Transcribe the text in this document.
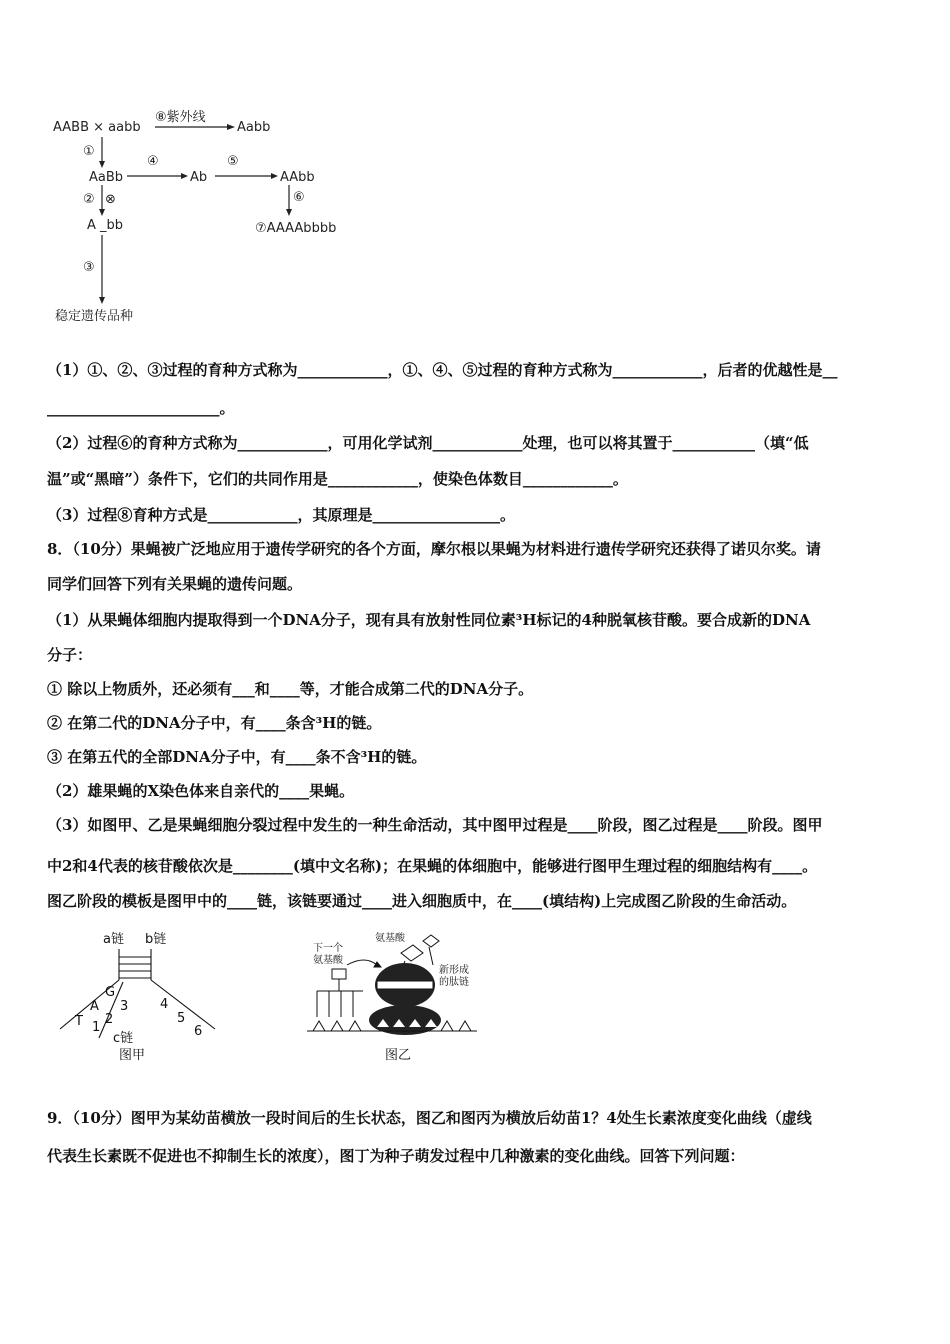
AABB × aabb
⑧紫外线
Aabb
①
AaBb
④
Ab
⑤
AAbb
② ⊗	⑥
A _bb	⑦AAAAbbbb
③
稳定遗传品种
（1）①、②、③过程的育种方式称为____________，①、④、⑤过程的育种方式称为____________，后者的优越性是__
_______________________。
（2）过程⑥的育种方式称为____________，可用化学试剂____________处理，也可以将其置于___________（填“低
温”或“黑暗”）条件下，它们的共同作用是____________，使染色体数目____________。
（3）过程⑧育种方式是____________，其原理是_________________。
8．（10分）果蝇被广泛地应用于遗传学研究的各个方面，摩尔根以果蝇为材料进行遗传学研究还获得了诺贝尔奖。请
同学们回答下列有关果蝇的遗传问题。
（1）从果蝇体细胞内提取得到一个DNA分子，现有具有放射性同位素³H标记的4种脱氧核苷酸。要合成新的DNA
分子：
① 除以上物质外，还必须有___和____等，才能合成第二代的DNA分子。
② 在第二代的DNA分子中，有____条含³H的链。
③ 在第五代的全部DNA分子中，有____条不含³H的链。
（2）雄果蝇的X染色体来自亲代的____果蝇。
（3）如图甲、乙是果蝇细胞分裂过程中发生的一种生命活动，其中图甲过程是____阶段，图乙过程是____阶段。图甲
中2和4代表的核苷酸依次是________(填中文名称)；在果蝇的体细胞中，能够进行图甲生理过程的细胞结构有____。
图乙阶段的模板是图甲中的____链，该链要通过____进入细胞质中，在____(填结构)上完成图乙阶段的生命活动。
a链 b链
G
A 3
T 1
2
4
5
6
c链
图甲
下一个
氨基酸
氨基酸
新形成
的肽链
图乙
9．（10分）图甲为某幼苗横放一段时间后的生长状态，图乙和图丙为横放后幼苗1？4处生长素浓度变化曲线（虚线
代表生长素既不促进也不抑制生长的浓度），图丁为种子萌发过程中几种激素的变化曲线。回答下列问题：
